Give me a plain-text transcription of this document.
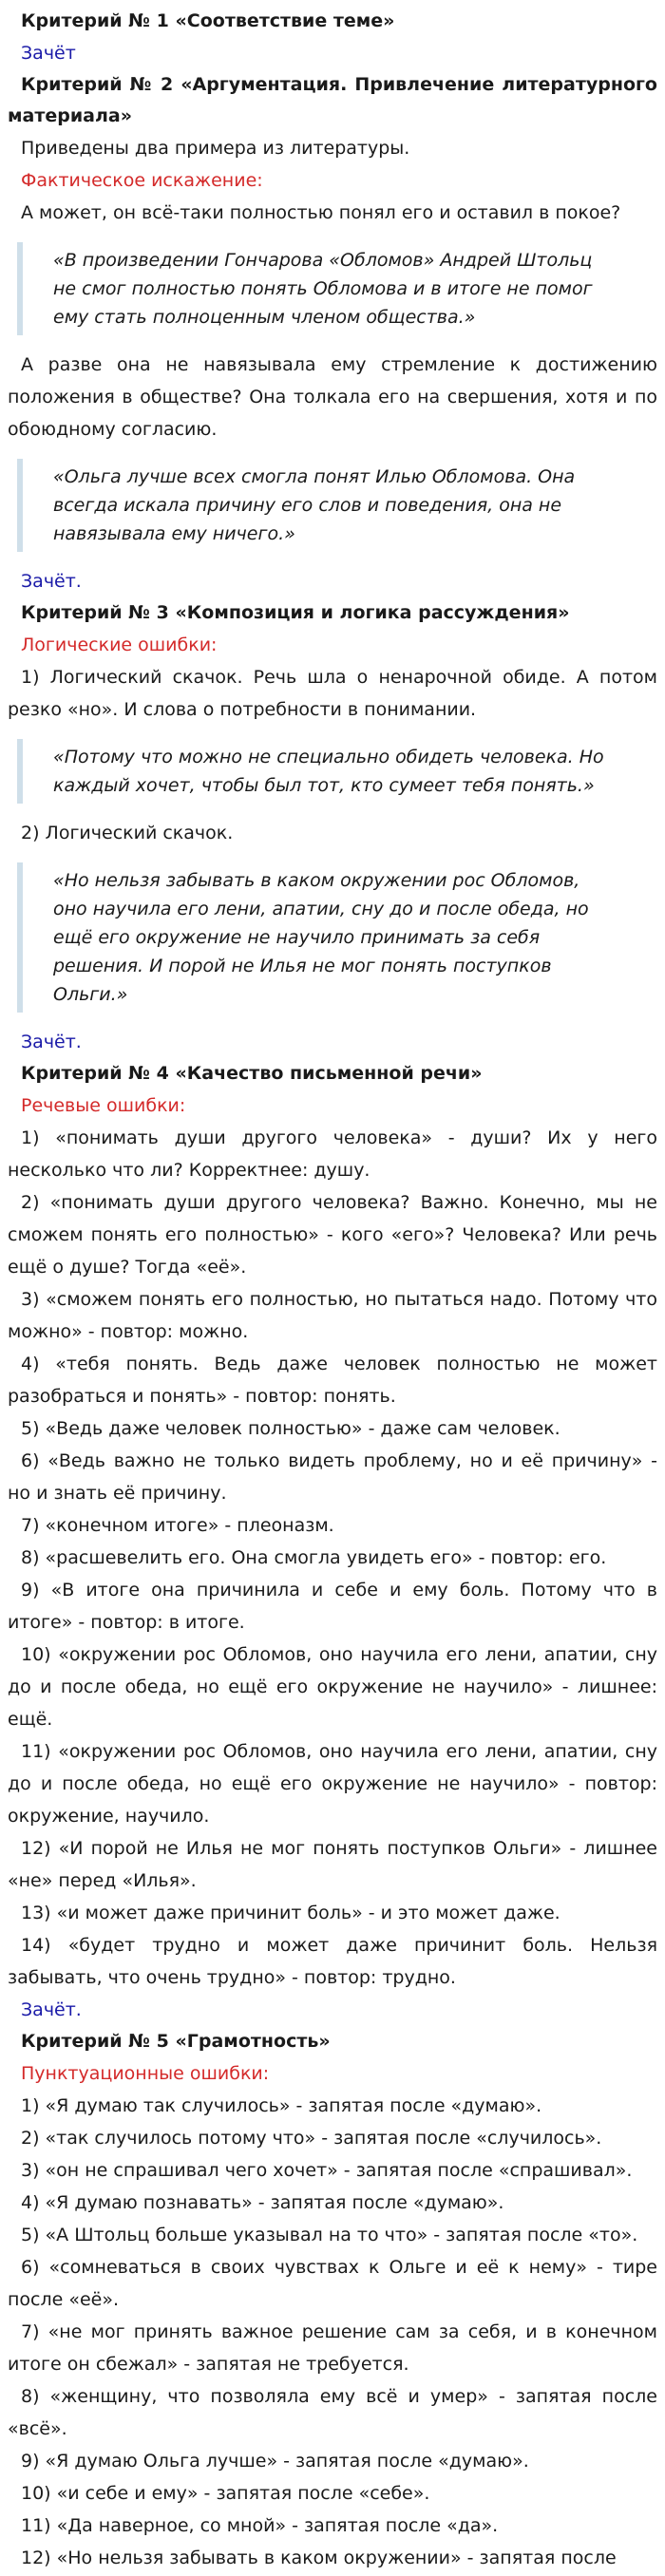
Критерий № 1 «Соответствие теме»
Зачёт
Критерий № 2 «Аргументация. Привлечение литературного материала»
Приведены два примера из литературы.
Фактическое искажение:
А может, он всё-таки полностью понял его и оставил в покое?
«В произведении Гончарова «Обломов» Андрей Штольц не смог полностью понять Обломова и в итоге не помог ему стать полноценным членом общества.»
А разве она не навязывала ему стремление к достижению положения в обществе? Она толкала его на свершения, хотя и по обоюдному согласию.
«Ольга лучше всех смогла понят Илью Обломова. Она всегда искала причину его слов и поведения, она не навязывала ему ничего.»
Зачёт.
Критерий № 3 «Композиция и логика рассуждения»
Логические ошибки:
1) Логический скачок. Речь шла о ненарочной обиде. А потом резко «но». И слова о потребности в понимании.
«Потому что можно не специально обидеть человека. Но каждый хочет, чтобы был тот, кто сумеет тебя понять.»
2) Логический скачок.
«Но нельзя забывать в каком окружении рос Обломов, оно научила его лени, апатии, сну до и после обеда, но ещё его окружение не научило принимать за себя решения. И порой не Илья не мог понять поступков Ольги.»
Зачёт.
Критерий № 4 «Качество письменной речи»
Речевые ошибки:
1) «понимать души другого человека» - души? Их у него несколько что ли? Корректнее: душу.
2) «понимать души другого человека? Важно. Конечно, мы не сможем понять его полностью» - кого «его»? Человека? Или речь ещё о душе? Тогда «её».
3) «сможем понять его полностью, но пытаться надо. Потому что можно» - повтор: можно.
4) «тебя понять. Ведь даже человек полностью не может разобраться и понять» - повтор: понять.
5) «Ведь даже человек полностью» - даже сам человек.
6) «Ведь важно не только видеть проблему, но и её причину» - но и знать её причину.
7) «конечном итоге» - плеоназм.
8) «расшевелить его. Она смогла увидеть его» - повтор: его.
9) «В итоге она причинила и себе и ему боль. Потому что в итоге» - повтор: в итоге.
10) «окружении рос Обломов, оно научила его лени, апатии, сну до и после обеда, но ещё его окружение не научило» - лишнее: ещё.
11) «окружении рос Обломов, оно научила его лени, апатии, сну до и после обеда, но ещё его окружение не научило» - повтор: окружение, научило.
12) «И порой не Илья не мог понять поступков Ольги» - лишнее «не» перед «Илья».
13) «и может даже причинит боль» - и это может даже.
14) «будет трудно и может даже причинит боль. Нельзя забывать, что очень трудно» - повтор: трудно.
Зачёт.
Критерий № 5 «Грамотность»
Пунктуационные ошибки:
1) «Я думаю так случилось» - запятая после «думаю».
2) «так случилось потому что» - запятая после «случилось».
3) «он не спрашивал чего хочет» - запятая после «спрашивал».
4) «Я думаю познавать» - запятая после «думаю».
5) «А Штольц больше указывал на то что» - запятая после «то».
6) «сомневаться в своих чувствах к Ольге и её к нему» - тире после «её».
7) «не мог принять важное решение сам за себя, и в конечном итоге он сбежал» - запятая не требуется.
8) «женщину, что позволяла ему всё и умер» - запятая после «всё».
9) «Я думаю Ольга лучше» - запятая после «думаю».
10) «и себе и ему» - запятая после «себе».
11) «Да наверное, со мной» - запятая после «да».
12) «Но нельзя забывать в каком окружении» - запятая после
